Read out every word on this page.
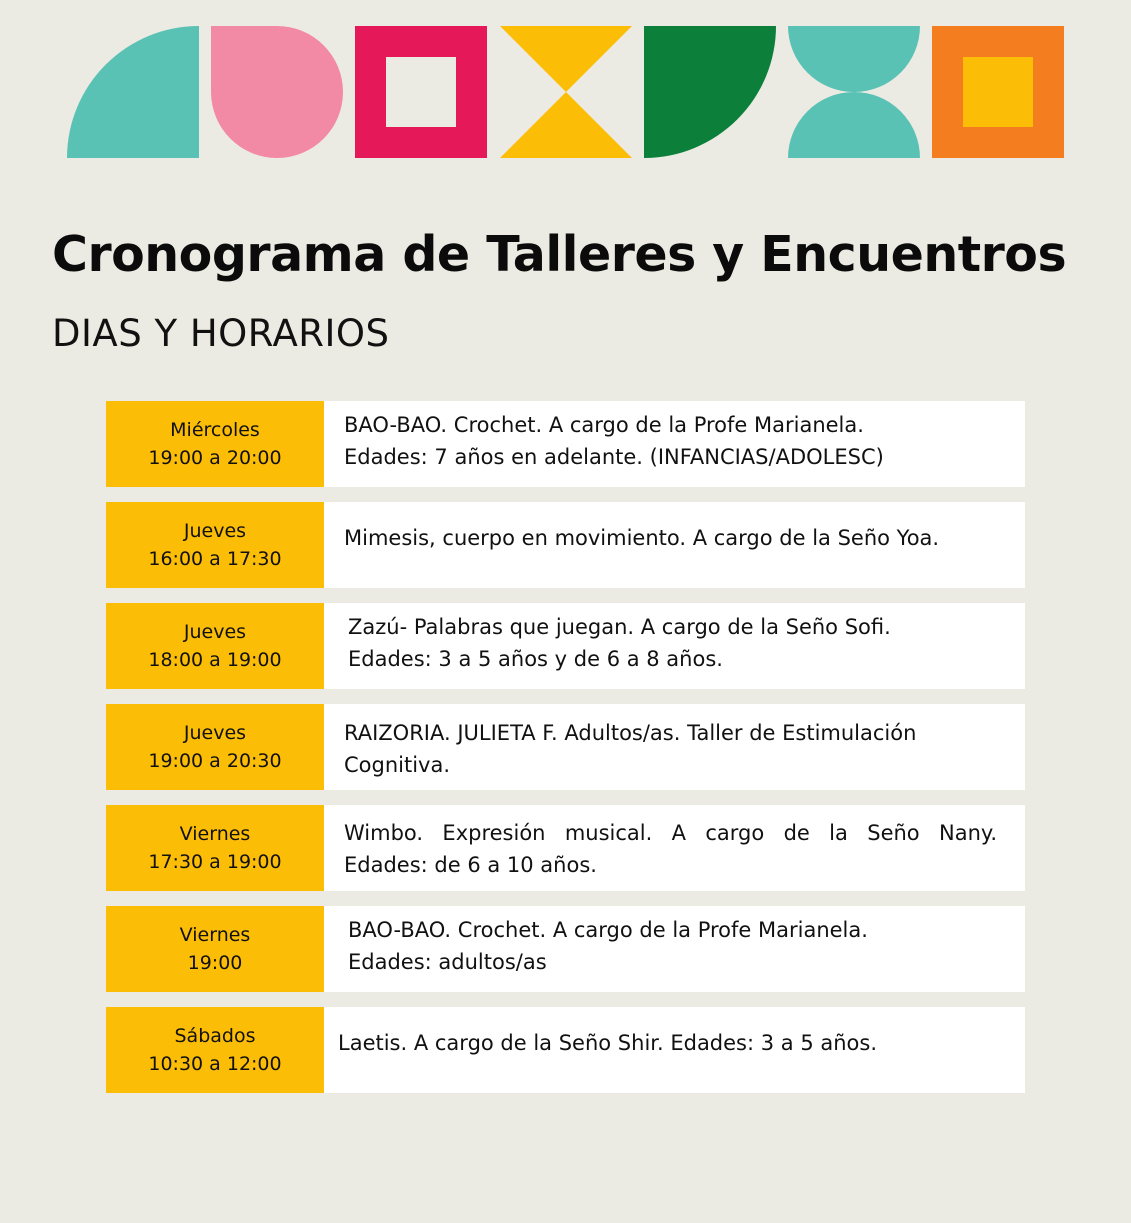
Cronograma de Talleres y Encuentros
DIAS Y HORARIOS
Miércoles
19:00 a 20:00
BAO-BAO. Crochet. A cargo de la Profe Marianela.
Edades: 7 años en adelante. (INFANCIAS/ADOLESC)
Jueves
16:00 a 17:30
Mimesis, cuerpo en movimiento. A cargo de la Seño Yoa.
Jueves
18:00 a 19:00
Zazú- Palabras que juegan. A cargo de la Seño Sofi.
Edades: 3 a 5 años y de 6 a 8 años.
Jueves
19:00 a 20:30
RAIZORIA. JULIETA F. Adultos/as. Taller de Estimulación
Cognitiva.
Viernes
17:30 a 19:00
Wimbo. Expresión musical. A cargo de la Seño Nany.
Edades: de 6 a 10 años.
Viernes
19:00
BAO-BAO. Crochet. A cargo de la Profe Marianela.
Edades: adultos/as
Sábados
10:30 a 12:00
Laetis. A cargo de la Seño Shir. Edades: 3 a 5 años.
